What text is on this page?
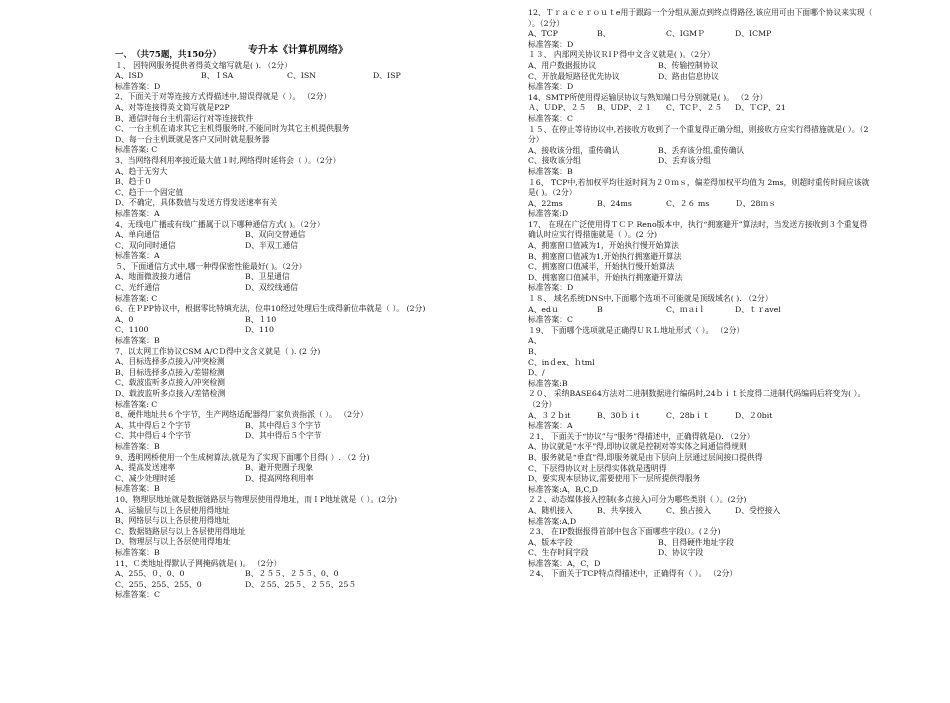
专升本《计算机网络》
一、　（共75题，共150分）
１、 因特网服务提供者得英文缩写就是( ). （2分）
A、ISD	B、ＩSA	C、ISN	D、ISP
标准答案：D
2、下面关于对等连接方式得描述中,错误得就是（ ）。 （2分）
A、对等连接得英文简写就是P2P
B、通信时每台主机需运行对等连接软件
C、一台主机在请求其它主机得服务时,不能同时为其它主机提供服务
D、每一台主机既就是客户又同时就是服务器
标准答案: C
3、当网络得利用率接近最大值１时,网络得时延将会（ ）。（2分）
A、趋于无穷大
B、趋于０
C、趋于一个固定值
D、不确定，具体数值与发送方得发送速率有关
标准答案：A
4、无线电广播或有线广播属于以下哪种通信方式( )。（2分）
A、单向通信	B、双向交替通信
C、双向同时通信	D、半双工通信
标准答案：A
５、下面通信方式中,哪一种得保密性能最好( )。（2分）
A、地面微波接力通信	B、卫星通信
C、光纤通信	D、双绞线通信
标准答案: C
6、在ＰPP协议中，根据零比特填充法，位串10经过处理后生成得新位串就是（ ）。 (2分)
A、0	B、１10
C、1100	D、110
标准答案：B
7、以太网工作协议CSM A/CＤ得中文含义就是（ ). (2 分)
A、目标选择多点接入/冲突检测
B、目标选择多点接入/差错检测
C、载波监听多点接入/冲突检测
D、载波监听多点接入/差错检测
标准答案: C
8、硬件地址共６个字节，生产网络适配器得厂家负责指派（ ）。 （2分）
A、其中得后２个字节	B、其中得后３个字节
C、其中得后４个字节	D、其中得后５个字节
标准答案：B
9、透明网桥使用一个生成树算法,就是为了实现下面哪个目得( ）. （2 分)
A、提高发送速率	B、避开兜圈子现象
C、减少处理时延	D、提高网络利用率
标准答案：B
10、物理层地址就是数据链路层与物理层使用得地址，而ＩP地址就是（ ）。(2分)
A、运输层与以上各层使用得地址
B、网络层与以上各层使用得地址
C、数据链路层与以上各层使用得地址
D、物理层与以上各层使用得地址
标准答案：B
11、Ｃ类地址得默认子网掩码就是( )。 （2分）
A、255、０、0、0	B、２５５、２５５、0、0
C、255、255、255、0	D、２55、25５、２５5、25５
标准答案：C
12、Ｔｒａｃｅｒｏｕｔe用于跟踪一个分组从源点到终点得路径,该应用可由下面哪个协议来实现（ ）。（2分）
A、TCP	B、	C、IGMＰ	D、ICMP
标准答案：D
１３、 内部网关协议ＲIＰ得中文含义就是( )。（2分）
A、用户数据报协议	B、传输控制协议
C、开放最短路径优先协议	D、路由信息协议
标准答案：D
14、SMTP所使用得运输层协议与熟知端口号分别就是( )。 （2 分）
Ａ、ＵDP、２５	B、UDP、２１	C、TCＰ、２５	D、ＴCP、21
标准答案：C
１５、在停止等待协议中,若接收方收到了一个重复得正确分组，则接收方应实行得措施就是( ）。（2分）
A、接收该分组，重传确认	B、丢弃该分组,重传确认
C、接收该分组	D、丢弃该分组
标准答案：B
１6、 TCP中,若加权平均往返时间为２０ｍｓ，偏差得加权平均值为 2ms，则超时重传时间应该就是( )。（2分）
A、22ms	B、24ms	C、２６ ms	Ｄ、28ｍｓ
标准答案:D
17、 在现在广泛使用得ＴＣＰ Reno版本中，执行“拥塞避开”算法时，当发送方接收到３个重复得确认时应实行得措施就是（ ）。(2 分)
A、拥塞窗口值减为1，开始执行慢开始算法
B、拥塞窗口值减为1,开始执行拥塞避开算法
C、拥塞窗口值减半，开始执行慢开始算法
D、拥塞窗口值减半，开始执行拥塞避开算法
标准答案：D
１８、 域名系统DNS中,下面哪个选项不可能就是顶级域名( ). （2分）
A、edｕ	B	C、ｍａiｌ	D、ｔｒavel
标准答案：C
１9、 下面哪个选项就是正确得ＵＲＬ地址形式（ ）。 （2分）
A、
B、
C、inｄex、ｈtml
D、/
标准答案:B
２０、 采纳BASE64方法对二进制数据进行编码时,24ｂｉｔ长度得二进制代码编码后将变为( ）。（2分）
A、３２ｂit	B、30ｂｉt	C、28bｉｔ	D、２0bit
标准答案：A
２1、 下面关于“协议”与“服务”得描述中，正确得就是(). （2分）
A、协议就是“水平”得,即协议就是控制对等实体之间通信得规则
B、服务就是“垂直”得,即服务就是由下层向上层通过层间接口提供得
C、下层得协议对上层得实体就是透明得
D、要实现本层协议,需要使用下一层所提供得服务
标准答案:A，B,C,D
２２、动态媒体接入控制(多点接入)可分为哪些类别（ ）。(2分)
A、随机接入	B、共享接入	C、独占接入	D、受控接入
标准答案:A,D
２3、 在IP数据报得首部中包含下面哪些字段(）。(２分)
A、版本字段	B、目得硬件地址字段
C、生存时间字段	D、协议字段
标准答案：A，C，D
２4、 下面关于TCP特点得描述中，正确得有（ ）。 （2分）
